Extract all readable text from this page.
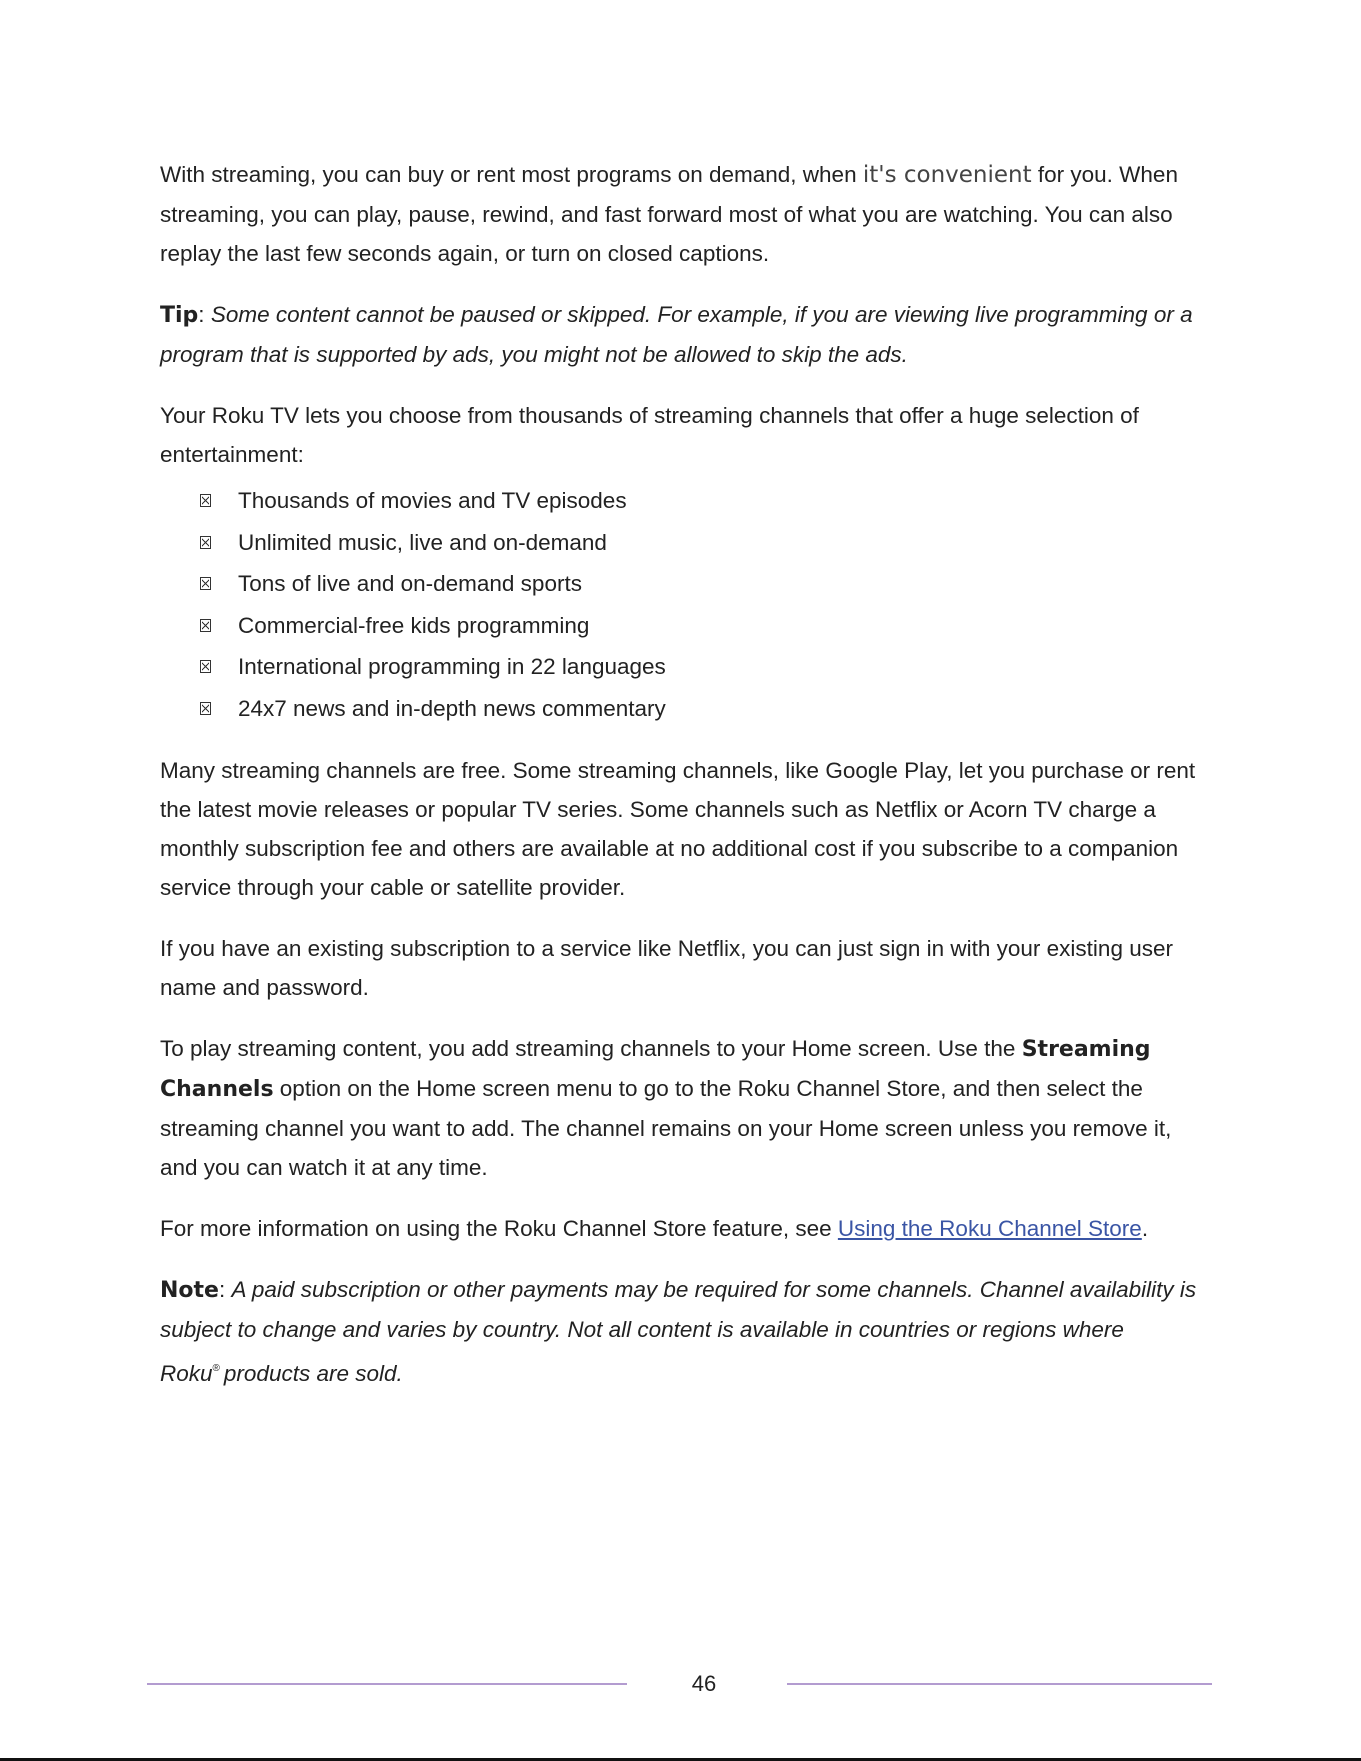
With streaming, you can buy or rent most programs on demand, when it's convenient for you. When streaming, you can play, pause, rewind, and fast forward most of what you are watching. You can also replay the last few seconds again, or turn on closed captions.

Tip: Some content cannot be paused or skipped. For example, if you are viewing live programming or a program that is supported by ads, you might not be allowed to skip the ads.

Your Roku TV lets you choose from thousands of streaming channels that offer a huge selection of entertainment:

Thousands of movies and TV episodes
Unlimited music, live and on-demand
Tons of live and on-demand sports
Commercial-free kids programming
International programming in 22 languages
24x7 news and in-depth news commentary

Many streaming channels are free. Some streaming channels, like Google Play, let you purchase or rent the latest movie releases or popular TV series. Some channels such as Netflix or Acorn TV charge a monthly subscription fee and others are available at no additional cost if you subscribe to a companion service through your cable or satellite provider.

If you have an existing subscription to a service like Netflix, you can just sign in with your existing user name and password.

To play streaming content, you add streaming channels to your Home screen. Use the Streaming Channels option on the Home screen menu to go to the Roku Channel Store, and then select the streaming channel you want to add. The channel remains on your Home screen unless you remove it, and you can watch it at any time.

For more information on using the Roku Channel Store feature, see Using the Roku Channel Store.

Note: A paid subscription or other payments may be required for some channels. Channel availability is subject to change and varies by country. Not all content is available in countries or regions where Roku® products are sold.

46
